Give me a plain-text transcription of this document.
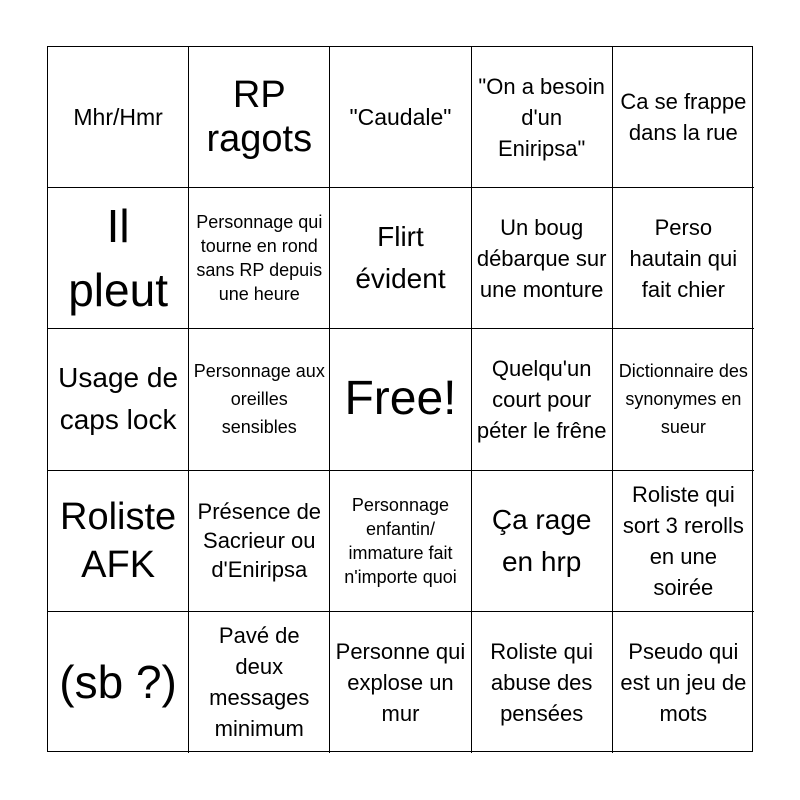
Mhr/Hmr
RP ragots
"Caudale"
"On a besoin d'un Eniripsa"
Ca se frappe dans la rue
Il pleut
Personnage qui tourne en rond sans RP depuis une heure
Flirt évident
Un boug débarque sur une monture
Perso hautain qui fait chier
Usage de caps lock
Personnage aux oreilles sensibles
Free!
Quelqu'un court pour péter le frêne
Dictionnaire des synonymes en sueur
Roliste AFK
Présence de Sacrieur ou d'Eniripsa
Personnage enfantin/ immature fait n'importe quoi
Ça rage en hrp
Roliste qui sort 3 rerolls en une soirée
(sb ?)
Pavé de deux messages minimum
Personne qui explose un mur
Roliste qui abuse des pensées
Pseudo qui est un jeu de mots
